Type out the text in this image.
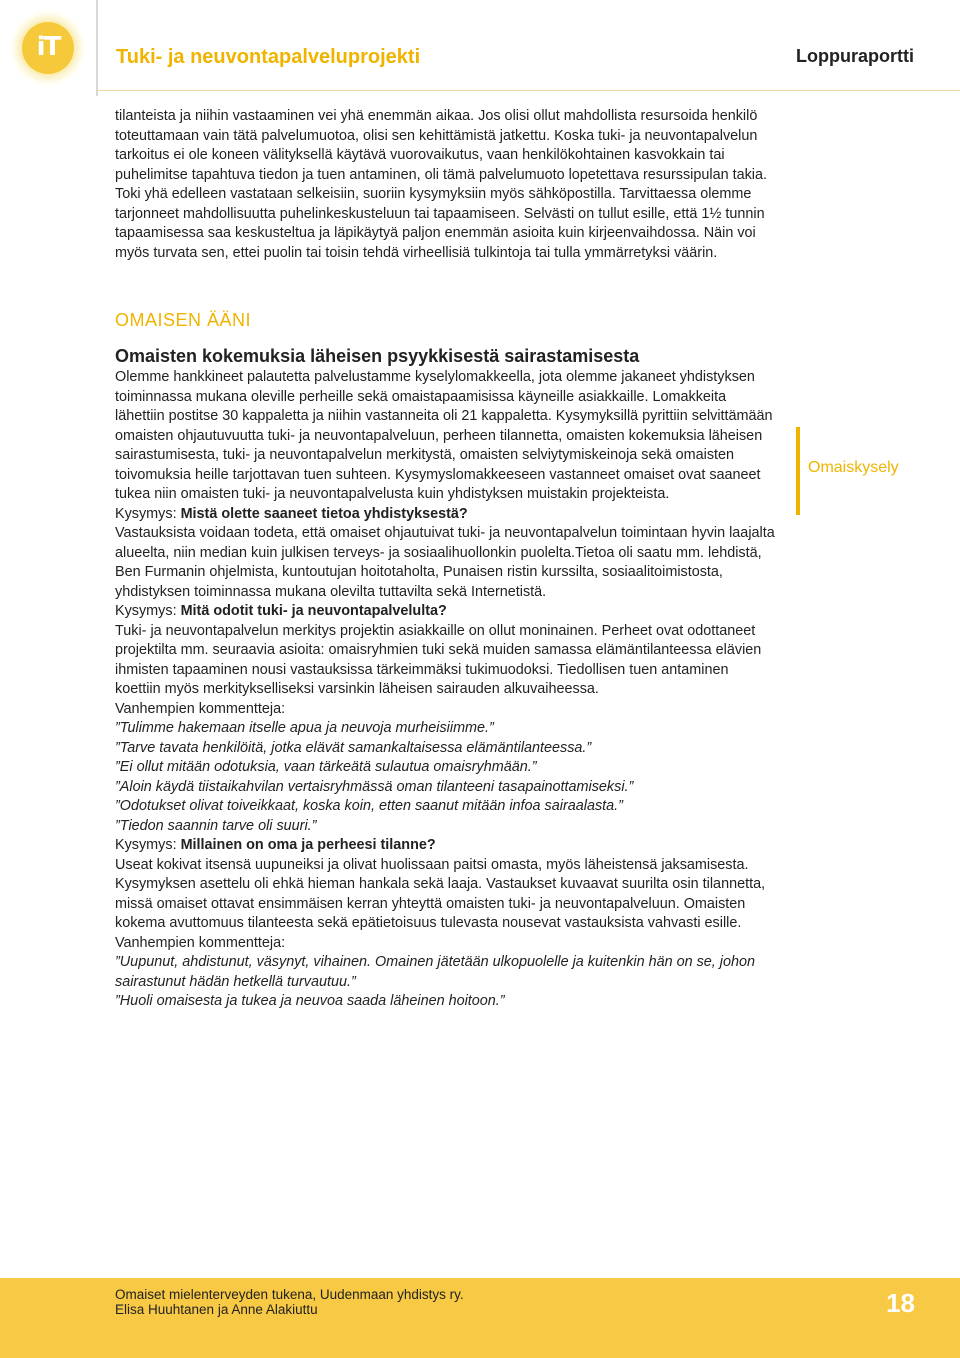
iT	Tuki- ja neuvontapalveluprojekti	Loppuraportti

tilanteista ja niihin vastaaminen vei yhä enemmän aikaa. Jos olisi ollut mahdollista resursoida henkilö toteuttamaan vain tätä palvelumuotoa, olisi sen kehittämistä jatkettu. Koska tuki- ja neuvontapalvelun tarkoitus ei ole koneen välityksellä käytävä vuorovaikutus, vaan henkilökohtainen kasvokkain tai puhelimitse tapahtuva tiedon ja tuen antaminen, oli tämä palvelumuoto lopetettava resurssipulan takia. Toki yhä edelleen vastataan selkeisiin, suoriin kysymyksiin myös sähköpostilla. Tarvittaessa olemme tarjonneet mahdollisuutta puhelinkeskusteluun tai tapaamiseen. Selvästi on tullut esille, että 1½ tunnin tapaamisessa saa keskusteltua ja läpikäytyä paljon enemmän asioita kuin kirjeenvaihdossa. Näin voi myös turvata sen, ettei puolin tai toisin tehdä virheellisiä tulkintoja tai tulla ymmärretyksi väärin.

OMAISEN ÄÄNI
Omaisten kokemuksia läheisen psyykkisestä sairastamisesta

Olemme hankkineet palautetta palvelustamme kyselylomakkeella, jota olemme jakaneet yhdistyksen toiminnassa mukana oleville perheille sekä omaistapaamisissa käyneille asiakkaille. Lomakkeita lähettiin postitse 30 kappaletta ja niihin vastanneita oli 21 kappaletta. Kysymyksillä pyrittiin selvittämään omaisten ohjautuvuutta tuki- ja neuvontapalveluun, perheen tilannetta, omaisten kokemuksia läheisen sairastumisesta, tuki- ja neuvontapalvelun merkitystä, omaisten selviytymiskeinoja sekä omaisten toivomuksia heille tarjottavan tuen suhteen. Kysymyslomakkeeseen vastanneet omaiset ovat saaneet tukea niin omaisten tuki- ja neuvontapalvelusta kuin yhdistyksen muistakin projekteista.

Kysymys: Mistä olette saaneet tietoa yhdistyksestä?

Vastauksista voidaan todeta, että omaiset ohjautuivat tuki- ja neuvontapalvelun toimintaan hyvin laajalta alueelta, niin median kuin julkisen terveys- ja sosiaalihuollonkin puolelta.Tietoa oli saatu mm. lehdistä, Ben Furmanin ohjelmista, kuntoutujan hoitotaholta, Punaisen ristin kurssilta, sosiaalitoimistosta, yhdistyksen toiminnassa mukana olevilta tuttavilta sekä Internetistä.

Kysymys: Mitä odotit tuki- ja neuvontapalvelulta?

Tuki- ja neuvontapalvelun merkitys projektin asiakkaille on ollut moninainen. Perheet ovat odottaneet projektilta mm. seuraavia asioita: omaisryhmien tuki sekä muiden samassa elämäntilanteessa elävien ihmisten tapaaminen nousi vastauksissa tärkeimmäksi tukimuodoksi. Tiedollisen tuen antaminen koettiin myös merkitykselliseksi varsinkin läheisen sairauden alkuvaiheessa.

Vanhempien kommentteja:

”Tulimme hakemaan itselle apua ja neuvoja murheisiimme.”

”Tarve tavata henkilöitä, jotka elävät samankaltaisessa elämäntilanteessa.”

”Ei ollut mitään odotuksia, vaan tärkeätä sulautua omaisryhmään.”

”Aloin käydä tiistaikahvilan vertaisryhmässä oman tilanteeni tasapainottamiseksi.”

”Odotukset olivat toiveikkaat, koska koin, etten saanut mitään infoa sairaalasta.”

”Tiedon saannin tarve oli suuri.”

Kysymys: Millainen on oma ja perheesi tilanne?

Useat kokivat itsensä uupuneiksi ja olivat huolissaan paitsi omasta, myös läheistensä jaksamisesta. Kysymyksen asettelu oli ehkä hieman hankala sekä laaja. Vastaukset kuvaavat suurilta osin tilannetta, missä omaiset ottavat ensimmäisen kerran yhteyttä omaisten tuki- ja neuvontapalveluun. Omaisten kokema avuttomuus tilanteesta sekä epätietoisuus tulevasta nousevat vastauksista vahvasti esille.

Vanhempien kommentteja:

”Uupunut, ahdistunut, väsynyt, vihainen. Omainen jätetään ulkopuolelle ja kuitenkin hän on se, johon sairastunut hädän hetkellä turvautuu.”

”Huoli omaisesta ja tukea ja neuvoa saada läheinen hoitoon.”

Omaiskysely
Omaiset mielenterveyden tukena, Uudenmaan yhdistys ry.
Elisa Huuhtanen ja Anne Alakiuttu	18
